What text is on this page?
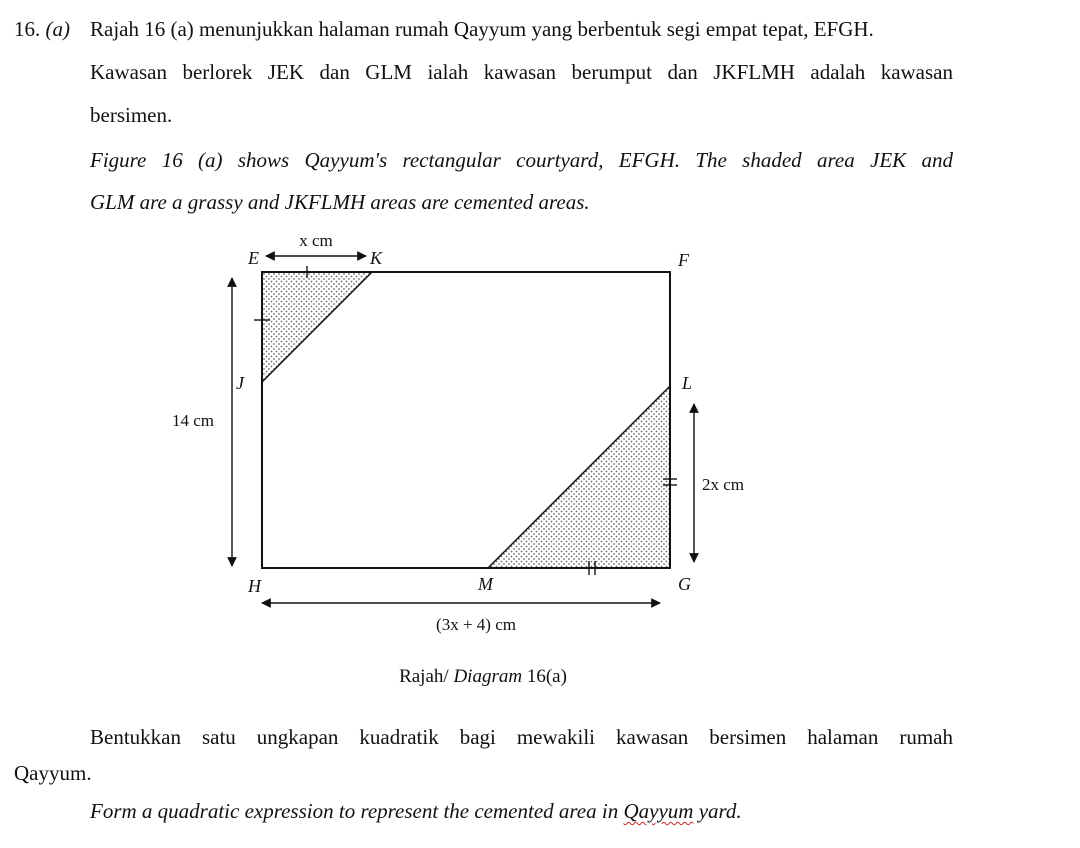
16. (a) Rajah 16 (a) menunjukkan halaman rumah Qayyum yang berbentuk segi empat tepat, EFGH.
Kawasan berlorek JEK dan GLM ialah kawasan berumput dan JKFLMH adalah kawasan
bersimen.
Figure 16 (a) shows Qayyum's rectangular courtyard, EFGH. The shaded area JEK and
GLM are a grassy and JKFLMH areas are cemented areas.
E	K	F
J	L
H	M	G
x cm
14 cm
2x cm
(3x + 4) cm
Rajah/ Diagram 16(a)
Bentukkan satu ungkapan kuadratik bagi mewakili kawasan bersimen halaman rumah
Qayyum.
Form a quadratic expression to represent the cemented area in Qayyum yard.
